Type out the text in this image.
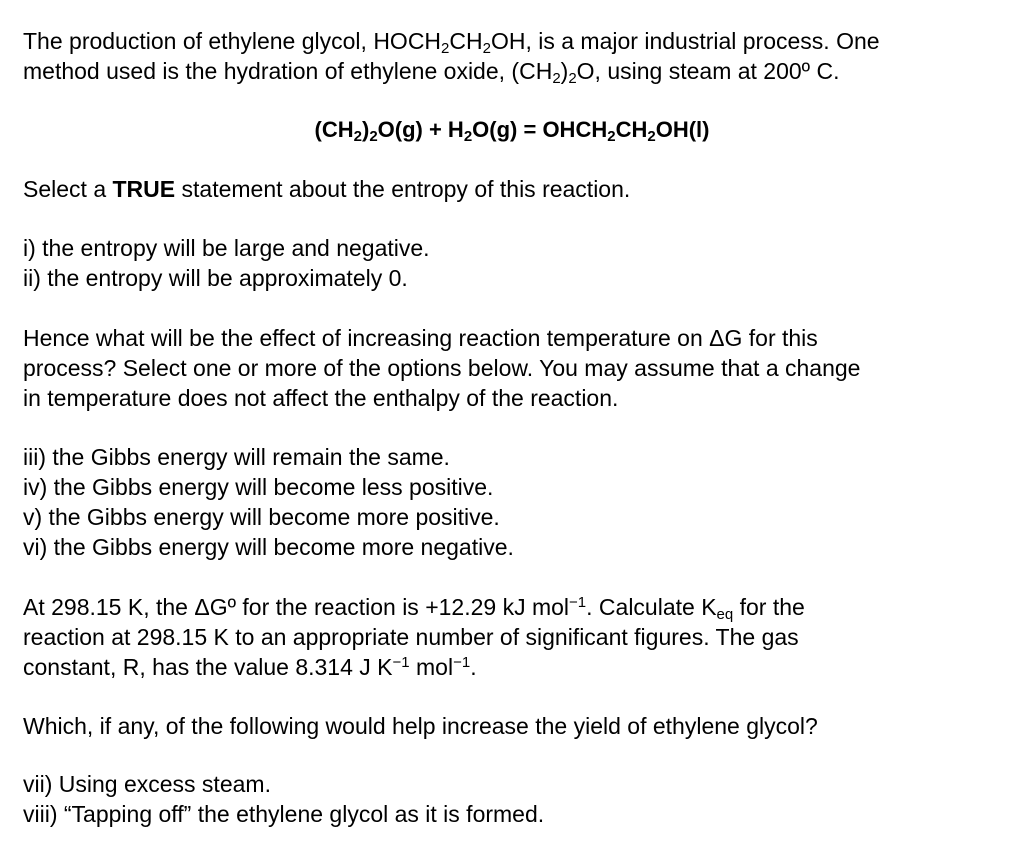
The production of ethylene glycol, $HOCH_2CH_2OH$, is a major industrial process. One
method used is the hydration of ethylene oxide, $(CH_2)_2O$, using steam at 200º C.
$(CH_2)_2O(g) + H_2O(g)$ = $OHCH_2CH_2OH(l)$
Select a TRUE statement about the entropy of this reaction.
i) the entropy will be large and negative.
ii) the entropy will be approximately 0.
Hence what will be the effect of increasing reaction temperature on ΔG for this
process? Select one or more of the options below. You may assume that a change
in temperature does not affect the enthalpy of the reaction.
iii) the Gibbs energy will remain the same.
iv) the Gibbs energy will become less positive.
v) the Gibbs energy will become more positive.
vi) the Gibbs energy will become more negative.
At 298.15 K, the ΔGº for the reaction is +12.29 kJ mol$^{-1}$. Calculate $K_{eq}$ for the
reaction at 298.15 K to an appropriate number of significant figures. The gas
constant, R, has the value 8.314 J $K^{-1}$ mol$^{-1}$.
Which, if any, of the following would help increase the yield of ethylene glycol?
vii) Using excess steam.
viii) “Tapping off” the ethylene glycol as it is formed.
